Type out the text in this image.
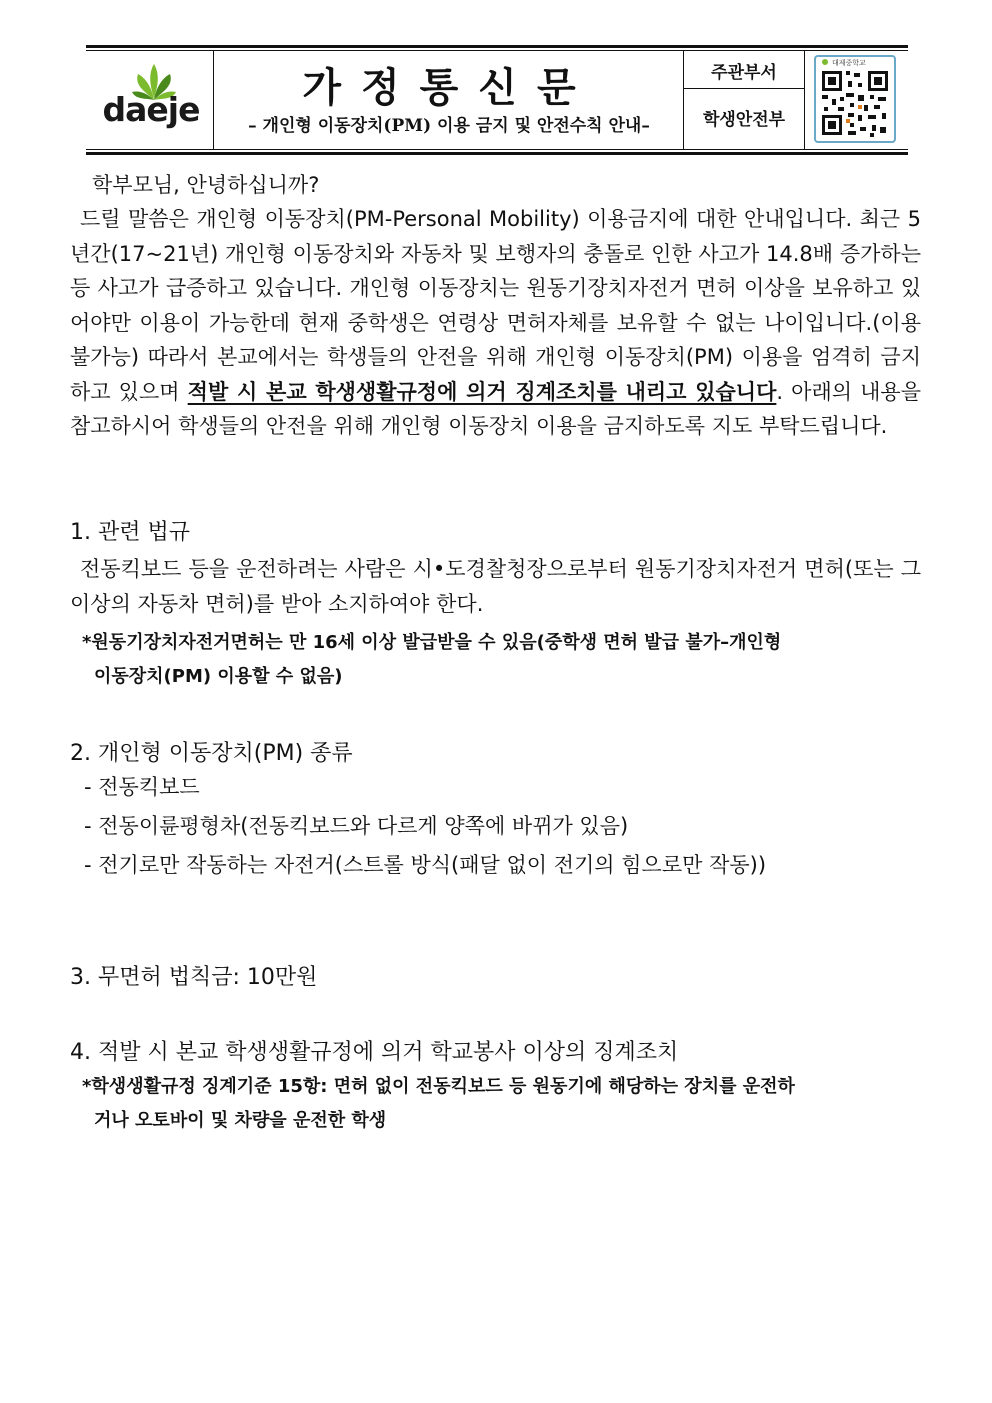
daeje	가정통신문
– 개인형 이동장치(PM) 이용 금지 및 안전수칙 안내–
주관부서
학생안전부
대제중학교

학부모님, 안녕하십니까?

드릴 말씀은 개인형 이동장치(PM-Personal Mobility) 이용금지에 대한 안내입니다. 최근 5년간(17~21년) 개인형 이동장치와 자동차 및 보행자의 충돌로 인한 사고가 14.8배 증가하는 등 사고가 급증하고 있습니다. 개인형 이동장치는 원동기장치자전거 면허 이상을 보유하고 있어야만 이용이 가능한데 현재 중학생은 연령상 면허자체를 보유할 수 없는 나이입니다.(이용불가능) 따라서 본교에서는 학생들의 안전을 위해 개인형 이동장치(PM) 이용을 엄격히 금지하고 있으며 적발 시 본교 학생생활규정에 의거 징계조치를 내리고 있습니다. 아래의 내용을 참고하시어 학생들의 안전을 위해 개인형 이동장치 이용을 금지하도록 지도 부탁드립니다.

1. 관련 법규

전동킥보드 등을 운전하려는 사람은 시•도경찰청장으로부터 원동기장치자전거 면허(또는 그 이상의 자동차 면허)를 받아 소지하여야 한다.

*원동기장치자전거면허는 만 16세 이상 발급받을 수 있음(중학생 면허 발급 불가–개인형
이동장치(PM) 이용할 수 없음)

2. 개인형 이동장치(PM) 종류

- 전동킥보드

- 전동이륜평형차(전동킥보드와 다르게 양쪽에 바뀌가 있음)

- 전기로만 작동하는 자전거(스트롤 방식(패달 없이 전기의 힘으로만 작동))

3. 무면허 법칙금: 10만원

4. 적발 시 본교 학생생활규정에 의거 학교봉사 이상의 징계조치

*학생생활규정 징계기준 15항: 면허 없이 전동킥보드 등 원동기에 해당하는 장치를 운전하
거나 오토바이 및 차량을 운전한 학생
